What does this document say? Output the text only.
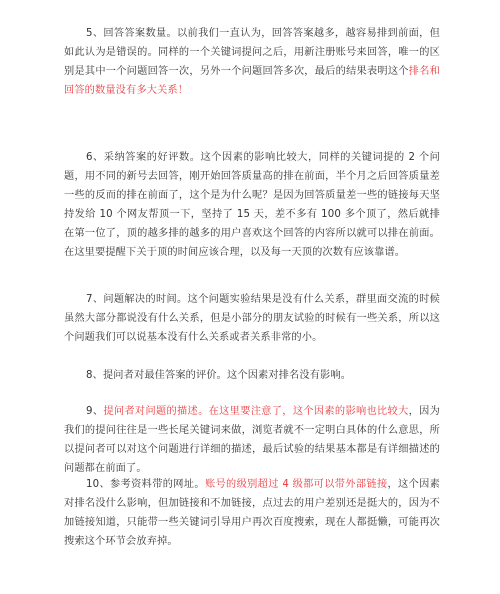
5、回答答案数量。以前我们一直认为，回答答案越多，越容易排到前面，但如此认为是错误的。同样的一个关键词提问之后，用新注册账号来回答，唯一的区别是其中一个问题回答一次，另外一个问题回答多次，最后的结果表明这个排名和回答的数量没有多大关系！

6、采纳答案的好评数。这个因素的影响比较大，同样的关键词提的 2 个问题，用不同的新号去回答，刚开始回答质量高的排在前面，半个月之后回答质量差一些的反而的排在前面了，这个是为什么呢？是因为回答质量差一些的链接每天坚持发给 10 个网友帮顶一下，坚持了 15 天，差不多有 100 多个顶了，然后就排在第一位了，顶的越多排的越多的用户喜欢这个回答的内容所以就可以排在前面。在这里要提醒下关于顶的时间应该合理，以及每一天顶的次数有应该靠谱。

7、问题解决的时间。这个问题实验结果是没有什么关系，群里面交流的时候虽然大部分都说没有什么关系，但是小部分的朋友试验的时候有一些关系，所以这个问题我们可以说基本没有什么关系或者关系非常的小。

8、提问者对最佳答案的评价。这个因素对排名没有影响。

9、提问者对问题的描述。在这里要注意了，这个因素的影响也比较大，因为我们的提问往往是一些长尾关键词来做，浏览者就不一定明白具体的什么意思，所以提问者可以对这个问题进行详细的描述，最后试验的结果基本都是有详细描述的问题都在前面了。

10、参考资料带的网址。账号的级别超过 4 级都可以带外部链接，这个因素对排名没什么影响，但加链接和不加链接，点过去的用户差别还是挺大的，因为不加链接知道，只能带一些关键词引导用户再次百度搜索，现在人都挺懒，可能再次搜索这个环节会放弃掉。
